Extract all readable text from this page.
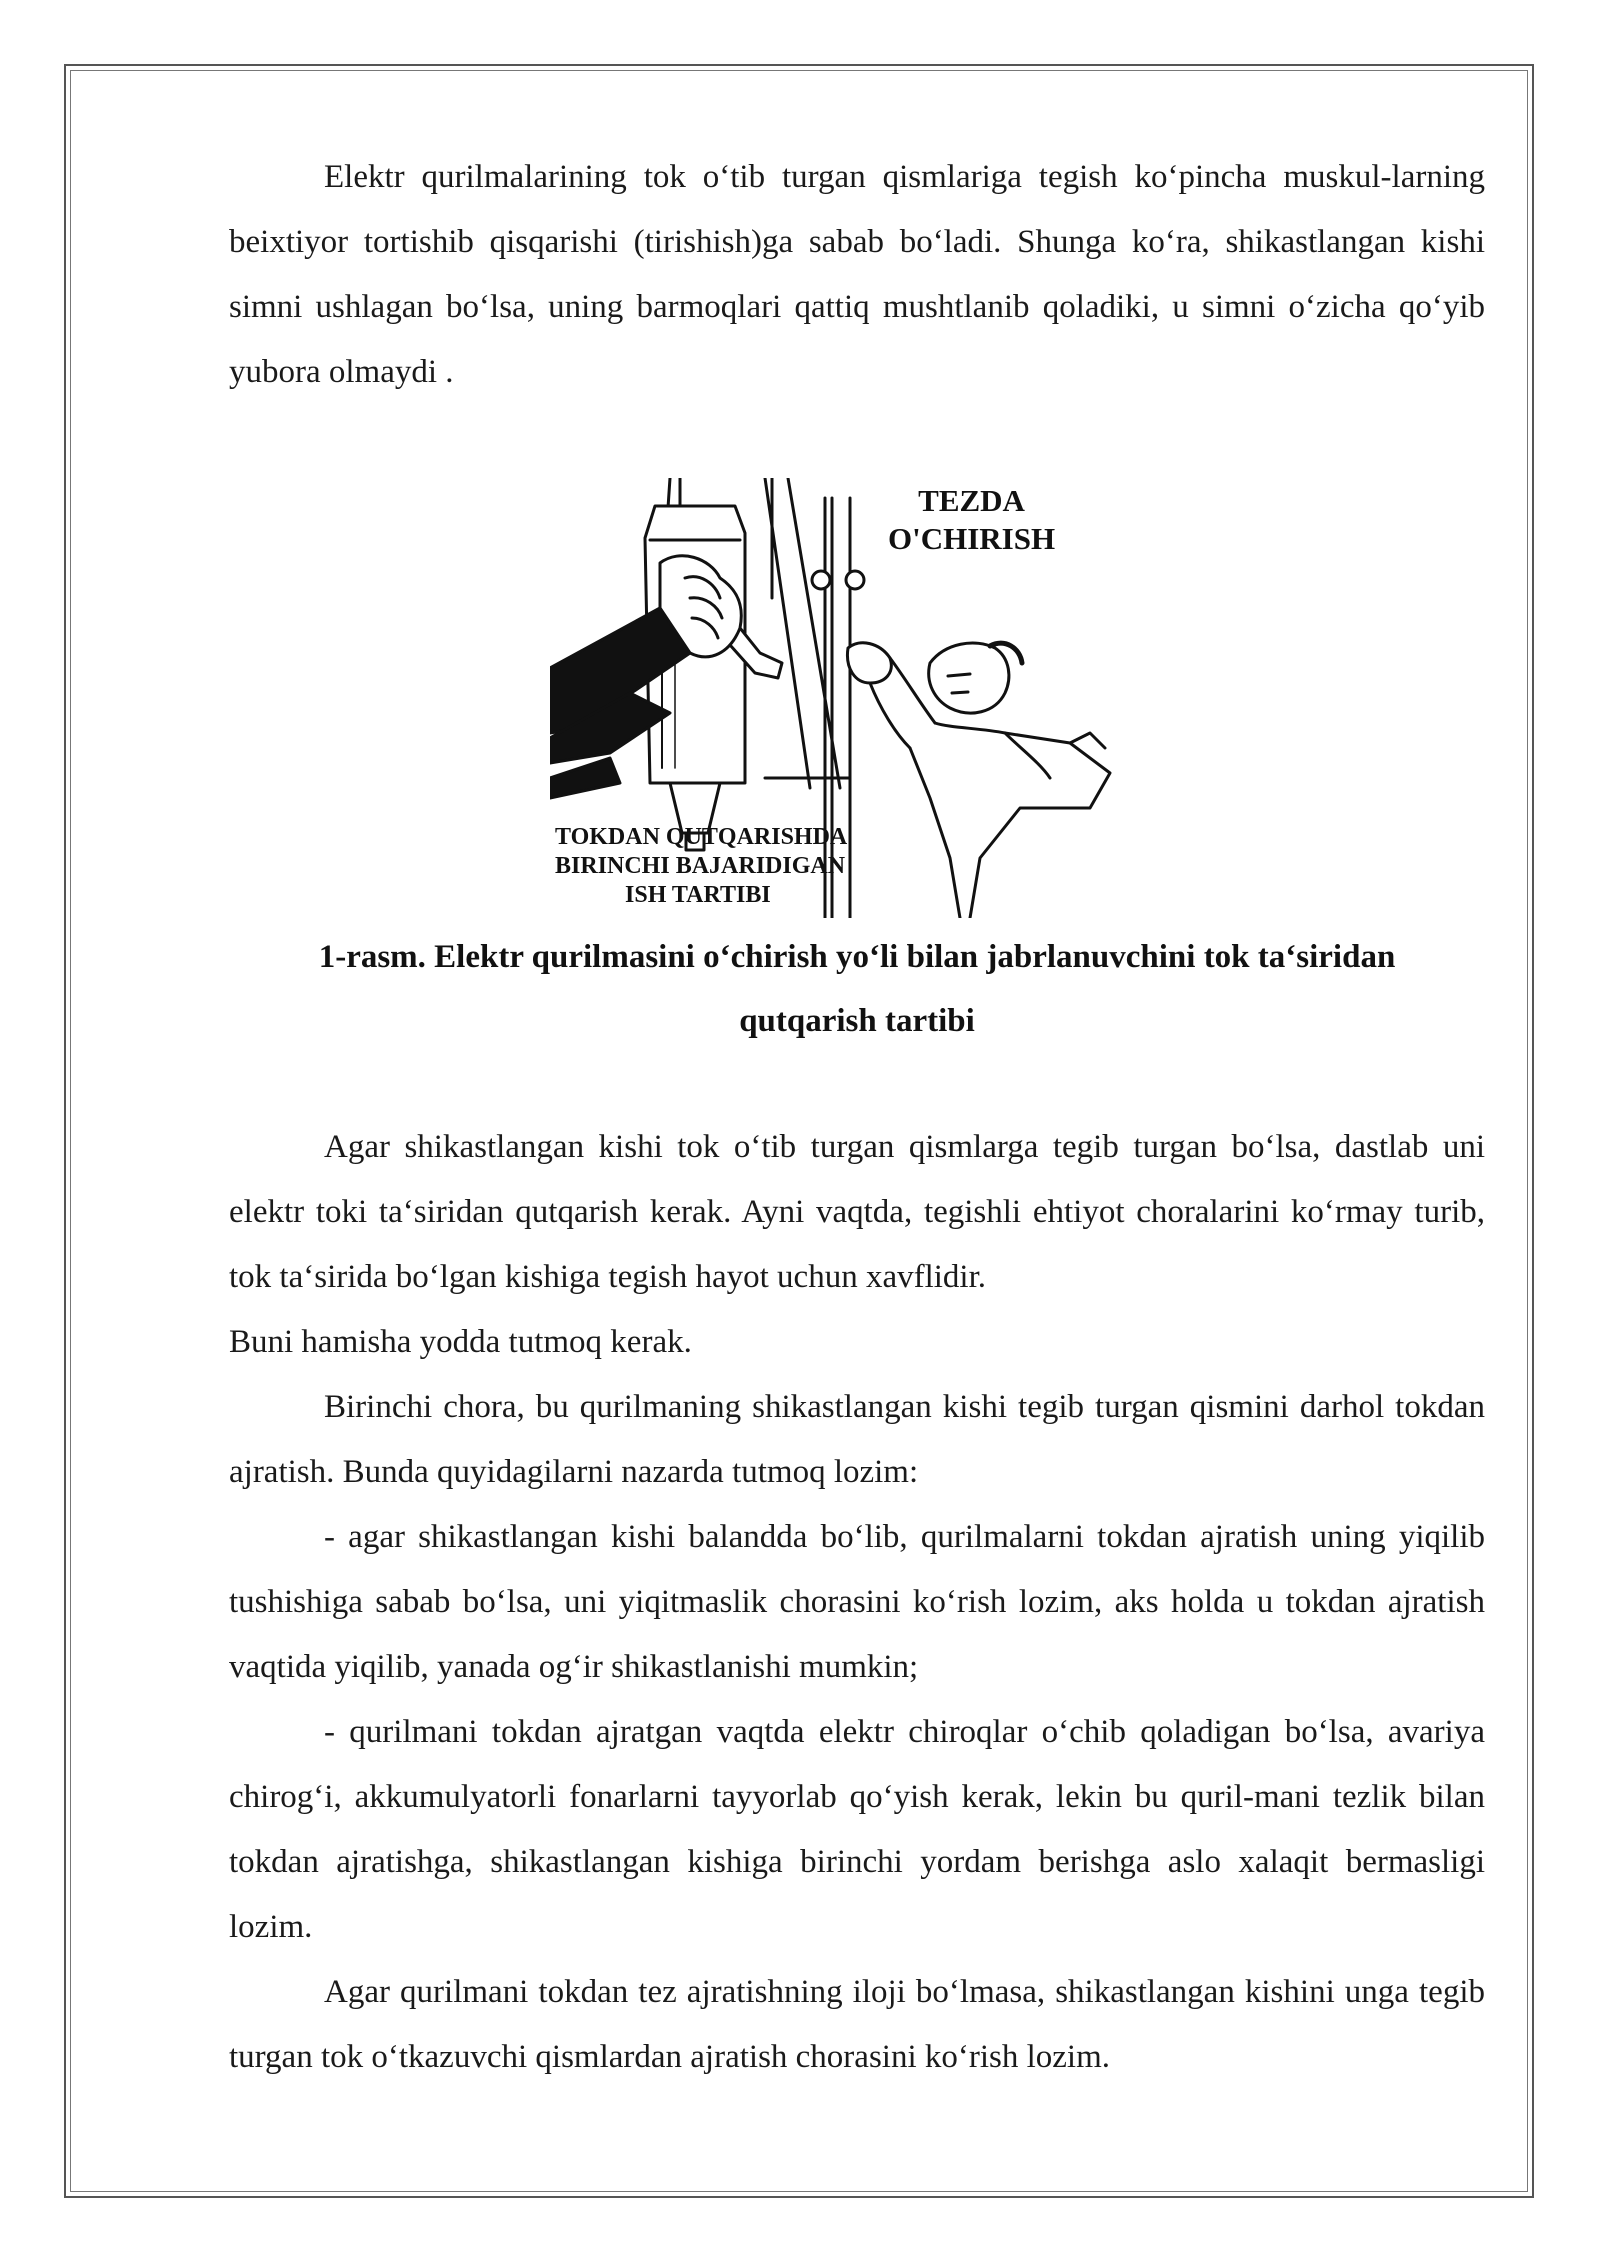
Elektr qurilmalarining tok o‘tib turgan qismlariga tegish ko‘pincha muskul-larning beixtiyor tortishib qisqarishi (tirishish)ga sabab bo‘ladi. Shunga ko‘ra, shikastlangan kishi simni ushlagan bo‘lsa, uning barmoqlari qattiq mushtlanib qoladiki, u simni o‘zicha qo‘yib yubora olmaydi .

TEZDA
O'CHIRISH
TOKDAN QUTQARISHDA
BIRINCHI BAJARIDIGAN
ISH TARTIBI
1-rasm. Elektr qurilmasini o‘chirish yo‘li bilan jabrlanuvchini tok ta‘siridan
qutqarish tartibi

Agar shikastlangan kishi tok o‘tib turgan qismlarga tegib turgan bo‘lsa, dastlab uni elektr toki ta‘siridan qutqarish kerak. Ayni vaqtda, tegishli ehtiyot choralarini ko‘rmay turib, tok ta‘sirida bo‘lgan kishiga tegish hayot uchun xavflidir.

Buni hamisha yodda tutmoq kerak.

Birinchi chora, bu qurilmaning shikastlangan kishi tegib turgan qismini darhol tokdan ajratish. Bunda quyidagilarni nazarda tutmoq lozim:

- agar shikastlangan kishi balandda bo‘lib, qurilmalarni tokdan ajratish uning yiqilib tushishiga sabab bo‘lsa, uni yiqitmaslik chorasini ko‘rish lozim, aks holda u tokdan ajratish vaqtida yiqilib, yanada og‘ir shikastlanishi mumkin;

- qurilmani tokdan ajratgan vaqtda elektr chiroqlar o‘chib qoladigan bo‘lsa, avariya chirog‘i, akkumulyatorli fonarlarni tayyorlab qo‘yish kerak, lekin bu quril-mani tezlik bilan tokdan ajratishga, shikastlangan kishiga birinchi yordam berishga aslo xalaqit bermasligi lozim.

Agar qurilmani tokdan tez ajratishning iloji bo‘lmasa, shikastlangan kishini unga tegib turgan tok o‘tkazuvchi qismlardan ajratish chorasini ko‘rish lozim.
